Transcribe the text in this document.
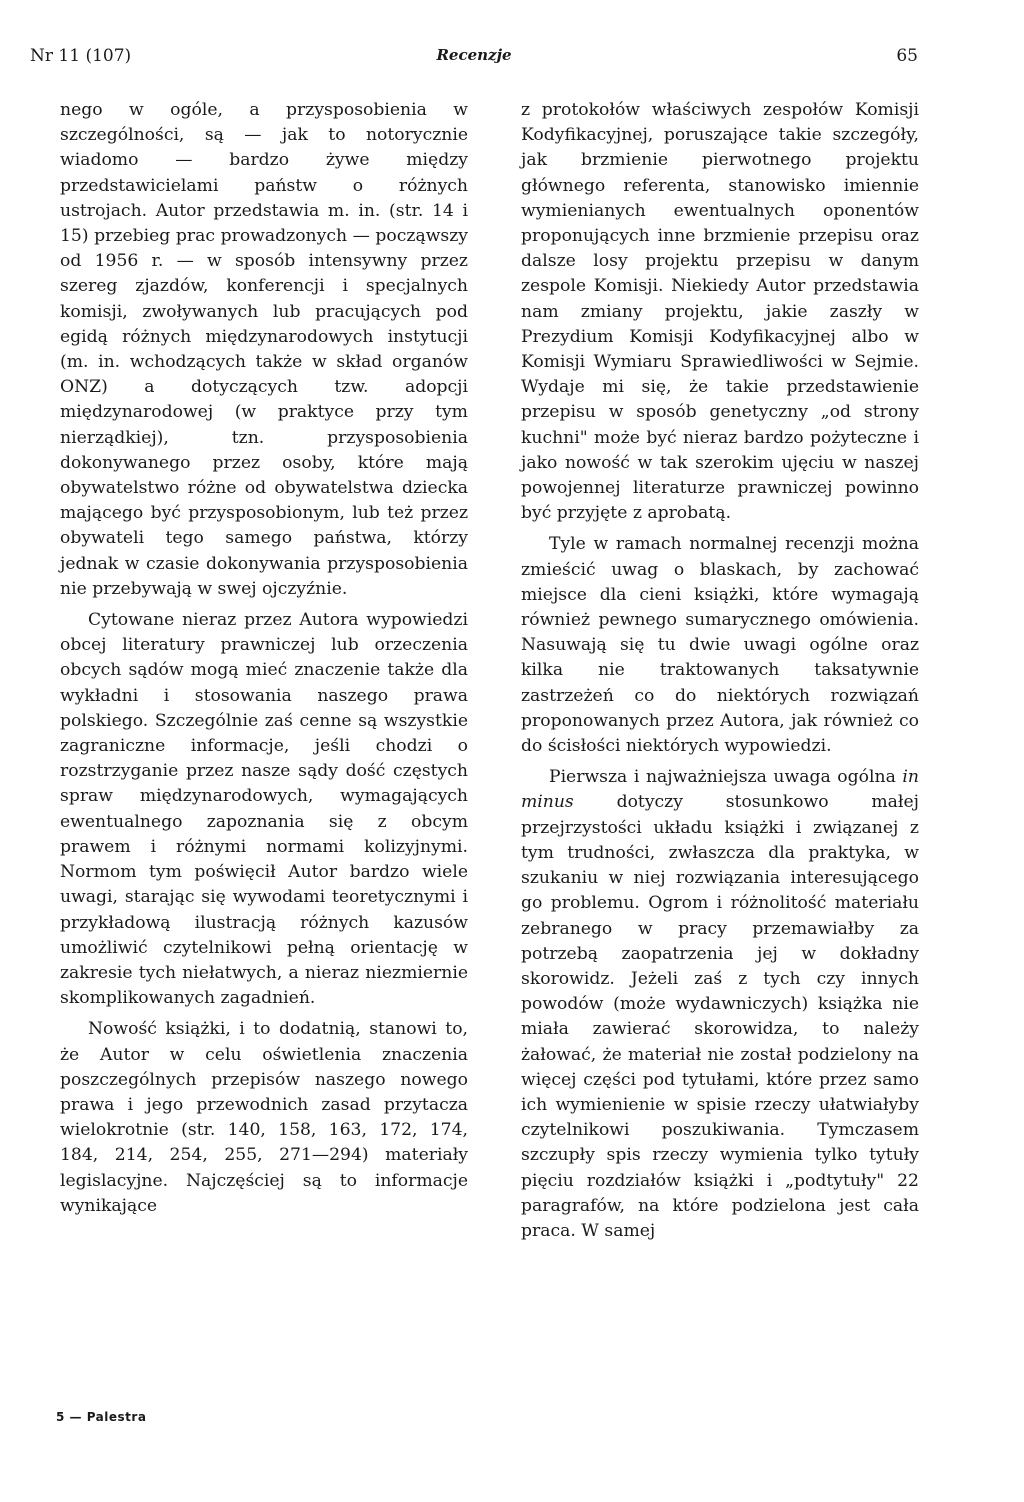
Nr 11 (107)	Recenzje	65

nego w ogóle, a przysposobienia w szczególności, są — jak to notorycznie wiadomo — bardzo żywe między przedstawicielami państw o różnych ustrojach. Autor przedstawia m. in. (str. 14 i 15) przebieg prac prowadzonych — począwszy od 1956 r. — w sposób intensywny przez szereg zjazdów, konferencji i specjalnych komisji, zwoływanych lub pracujących pod egidą różnych międzynarodowych instytucji (m. in. wchodzących także w skład organów ONZ) a dotyczących tzw. adopcji międzynarodowej (w praktyce przy tym nierządkiej), tzn. przysposobienia dokonywanego przez osoby, które mają obywatelstwo różne od obywatelstwa dziecka mającego być przysposobionym, lub też przez obywateli tego samego państwa, którzy jednak w czasie dokonywania przysposobienia nie przebywają w swej ojczyźnie.

Cytowane nieraz przez Autora wypowiedzi obcej literatury prawniczej lub orzeczenia obcych sądów mogą mieć znaczenie także dla wykładni i stosowania naszego prawa polskiego. Szczególnie zaś cenne są wszystkie zagraniczne informacje, jeśli chodzi o rozstrzyganie przez nasze sądy dość częstych spraw międzynarodowych, wymagających ewentualnego zapoznania się z obcym prawem i różnymi normami kolizyjnymi. Normom tym poświęcił Autor bardzo wiele uwagi, starając się wywodami teoretycznymi i przykładową ilustracją różnych kazusów umożliwić czytelnikowi pełną orientację w zakresie tych niełatwych, a nieraz niezmiernie skomplikowanych zagadnień.

Nowość książki, i to dodatnią, stanowi to, że Autor w celu oświetlenia znaczenia poszczególnych przepisów naszego nowego prawa i jego przewodnich zasad przytacza wielokrotnie (str. 140, 158, 163, 172, 174, 184, 214, 254, 255, 271—294) materiały legislacyjne. Najczęściej są to informacje wynikające

z protokołów właściwych zespołów Komisji Kodyfikacyjnej, poruszające takie szczegóły, jak brzmienie pierwotnego projektu głównego referenta, stanowisko imiennie wymienianych ewentualnych oponentów proponujących inne brzmienie przepisu oraz dalsze losy projektu przepisu w danym zespole Komisji. Niekiedy Autor przedstawia nam zmiany projektu, jakie zaszły w Prezydium Komisji Kodyfikacyjnej albo w Komisji Wymiaru Sprawiedliwości w Sejmie. Wydaje mi się, że takie przedstawienie przepisu w sposób genetyczny „od strony kuchni" może być nieraz bardzo pożyteczne i jako nowość w tak szerokim ujęciu w naszej powojennej literaturze prawniczej powinno być przyjęte z aprobatą.

Tyle w ramach normalnej recenzji można zmieścić uwag o blaskach, by zachować miejsce dla cieni książki, które wymagają również pewnego sumarycznego omówienia. Nasuwają się tu dwie uwagi ogólne oraz kilka nie traktowanych taksatywnie zastrzeżeń co do niektórych rozwiązań proponowanych przez Autora, jak również co do ścisłości niektórych wypowiedzi.

Pierwsza i najważniejsza uwaga ogólna in minus dotyczy stosunkowo małej przejrzystości układu książki i związanej z tym trudności, zwłaszcza dla praktyka, w szukaniu w niej rozwiązania interesującego go problemu. Ogrom i różnolitość materiału zebranego w pracy przemawiałby za potrzebą zaopatrzenia jej w dokładny skorowidz. Jeżeli zaś z tych czy innych powodów (może wydawniczych) książka nie miała zawierać skorowidza, to należy żałować, że materiał nie został podzielony na więcej części pod tytułami, które przez samo ich wymienienie w spisie rzeczy ułatwiałyby czytelnikowi poszukiwania. Tymczasem szczupły spis rzeczy wymienia tylko tytuły pięciu rozdziałów książki i „podtytuły" 22 paragrafów, na które podzielona jest cała praca. W samej

5 — Palestra
